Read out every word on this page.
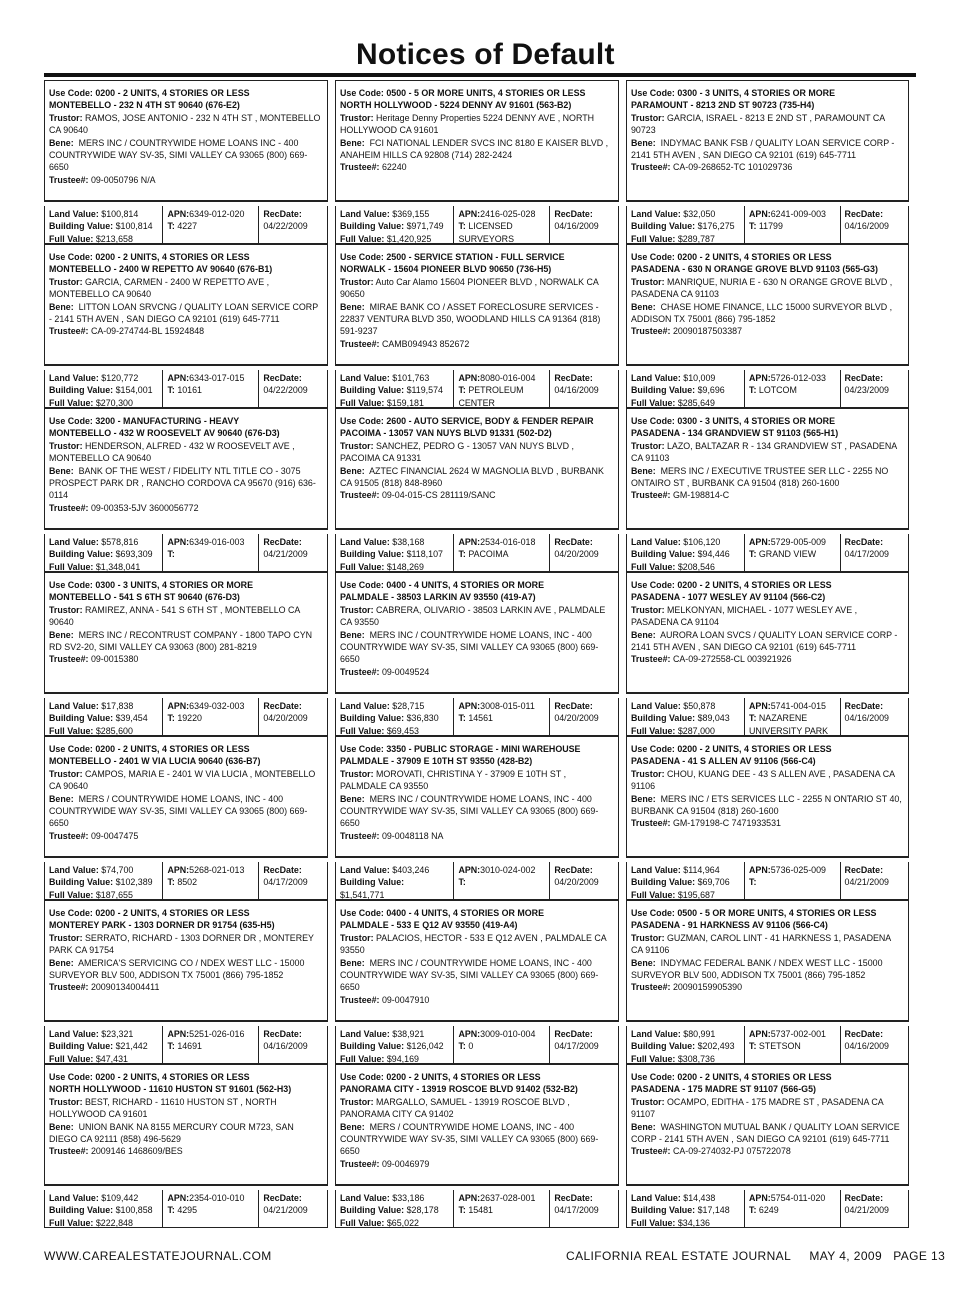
Notices of Default
Use Code: 0200 - 2 UNITS, 4 STORIES OR LESS
MONTEBELLO - 232 N 4TH ST 90640 (676-E2)
Trustor: RAMOS, JOSE ANTONIO - 232 N 4TH ST , MONTEBELLO CA 90640
Bene: MERS INC / COUNTRYWIDE HOME LOANS INC - 400 COUNTRYWIDE WAY SV-35, SIMI VALLEY CA 93065 (800) 669-6650
Trustee#: 09-0050796 N/A
Land Value: $100,814
Building Value: $100,814
Full Value: $213,658
APN:6349-012-020
T: 4227
RecDate:
04/22/2009
Use Code: 0500 - 5 OR MORE UNITS, 4 STORIES OR LESS
NORTH HOLLYWOOD - 5224 DENNY AV 91601 (563-B2)
Trustor: Heritage Denny Properties 5224 DENNY AVE , NORTH HOLLYWOOD CA 91601
Bene: FCI NATIONAL LENDER SVCS INC 8180 E KAISER BLVD , ANAHEIM HILLS CA 92808 (714) 282-2424
Trustee#: 62240
Land Value: $369,155
Building Value: $971,749
Full Value: $1,420,925
APN:2416-025-028
T: LICENSED SURVEYORS
RecDate:
04/16/2009
Use Code: 0300 - 3 UNITS, 4 STORIES OR MORE
PARAMOUNT - 8213 2ND ST 90723 (735-H4)
Trustor: GARCIA, ISRAEL - 8213 E 2ND ST , PARAMOUNT CA 90723
Bene: INDYMAC BANK FSB / QUALITY LOAN SERVICE CORP - 2141 5TH AVEN , SAN DIEGO CA 92101 (619) 645-7711
Trustee#: CA-09-268652-TC 101029736
Land Value: $32,050
Building Value: $176,275
Full Value: $289,787
APN:6241-009-003
T: 11799
RecDate:
04/16/2009
Use Code: 0200 - 2 UNITS, 4 STORIES OR LESS
MONTEBELLO - 2400 W REPETTO AV 90640 (676-B1)
Trustor: GARCIA, CARMEN - 2400 W REPETTO AVE , MONTEBELLO CA 90640
Bene: LITTON LOAN SRVCNG / QUALITY LOAN SERVICE CORP - 2141 5TH AVEN , SAN DIEGO CA 92101 (619) 645-7711
Trustee#: CA-09-274744-BL 15924848
Land Value: $120,772
Building Value: $154,001
Full Value: $270,300
APN:6343-017-015
T: 10161
RecDate:
04/22/2009
Use Code: 2500 - SERVICE STATION - FULL SERVICE
NORWALK - 15604 PIONEER BLVD 90650 (736-H5)
Trustor: Auto Car Alamo 15604 PIONEER BLVD , NORWALK CA 90650
Bene: MIRAE BANK CO / ASSET FORECLOSURE SERVICES - 22837 VENTURA BLVD 350, WOODLAND HILLS CA 91364 (818) 591-9237
Trustee#: CAMB094943 852672
Land Value: $101,763
Building Value: $119,574
Full Value: $159,181
APN:8080-016-004
T: PETROLEUM CENTER
RecDate:
04/16/2009
Use Code: 0200 - 2 UNITS, 4 STORIES OR LESS
PASADENA - 630 N ORANGE GROVE BLVD 91103 (565-G3)
Trustor: MANRIQUE, NURIA E - 630 N ORANGE GROVE BLVD , PASADENA CA 91103
Bene: CHASE HOME FINANCE, LLC 15000 SURVEYOR BLVD , ADDISON TX 75001 (866) 795-1852
Trustee#: 20090187503387
Land Value: $10,009
Building Value: $9,696
Full Value: $285,649
APN:5726-012-033
T: LOTCOM
RecDate:
04/23/2009
Use Code: 3200 - MANUFACTURING - HEAVY
MONTEBELLO - 432 W ROOSEVELT AV 90640 (676-D3)
Trustor: HENDERSON, ALFRED - 432 W ROOSEVELT AVE , MONTEBELLO CA 90640
Bene: BANK OF THE WEST / FIDELITY NTL TITLE CO - 3075 PROSPECT PARK DR , RANCHO CORDOVA CA 95670 (916) 636-0114
Trustee#: 09-00353-5JV 3600056772
Land Value: $578,816
Building Value: $693,309
Full Value: $1,348,041
APN:6349-016-003
T:
RecDate:
04/21/2009
Use Code: 2600 - AUTO SERVICE, BODY & FENDER REPAIR
PACOIMA - 13057 VAN NUYS BLVD 91331 (502-D2)
Trustor: SANCHEZ, PEDRO G - 13057 VAN NUYS BLVD , PACOIMA CA 91331
Bene: AZTEC FINANCIAL 2624 W MAGNOLIA BLVD , BURBANK CA 91505 (818) 848-8960
Trustee#: 09-04-015-CS 281119/SANC
Land Value: $38,168
Building Value: $118,107
Full Value: $148,269
APN:2534-016-018
T: PACOIMA
RecDate:
04/20/2009
Use Code: 0300 - 3 UNITS, 4 STORIES OR MORE
PASADENA - 134 GRANDVIEW ST 91103 (565-H1)
Trustor: LAZO, BALTAZAR R - 134 GRANDVIEW ST , PASADENA CA 91103
Bene: MERS INC / EXECUTIVE TRUSTEE SER LLC - 2255 NO ONTAIRO ST , BURBANK CA 91504 (818) 260-1600
Trustee#: GM-198814-C
Land Value: $106,120
Building Value: $94,446
Full Value: $208,546
APN:5729-005-009
T: GRAND VIEW
RecDate:
04/17/2009
Use Code: 0300 - 3 UNITS, 4 STORIES OR MORE
MONTEBELLO - 541 S 6TH ST 90640 (676-D3)
Trustor: RAMIREZ, ANNA - 541 S 6TH ST , MONTEBELLO CA 90640
Bene: MERS INC / RECONTRUST COMPANY - 1800 TAPO CYN RD SV2-20, SIMI VALLEY CA 93063 (800) 281-8219
Trustee#: 09-0015380
Land Value: $17,838
Building Value: $39,454
Full Value: $285,600
APN:6349-032-003
T: 19220
RecDate:
04/20/2009
Use Code: 0400 - 4 UNITS, 4 STORIES OR MORE
PALMDALE - 38503 LARKIN AV 93550 (419-A7)
Trustor: CABRERA, OLIVARIO - 38503 LARKIN AVE , PALMDALE CA 93550
Bene: MERS INC / COUNTRYWIDE HOME LOANS, INC - 400 COUNTRYWIDE WAY SV-35, SIMI VALLEY CA 93065 (800) 669-6650
Trustee#: 09-0049524
Land Value: $28,715
Building Value: $36,830
Full Value: $69,453
APN:3008-015-011
T: 14561
RecDate:
04/20/2009
Use Code: 0200 - 2 UNITS, 4 STORIES OR LESS
PASADENA - 1077 WESLEY AV 91104 (566-C2)
Trustor: MELKONYAN, MICHAEL - 1077 WESLEY AVE , PASADENA CA 91104
Bene: AURORA LOAN SVCS / QUALITY LOAN SERVICE CORP - 2141 5TH AVEN , SAN DIEGO CA 92101 (619) 645-7711
Trustee#: CA-09-272558-CL 003921926
Land Value: $50,878
Building Value: $89,043
Full Value: $287,000
APN:5741-004-015
T: NAZARENE UNIVERSITY PARK
RecDate:
04/16/2009
Use Code: 0200 - 2 UNITS, 4 STORIES OR LESS
MONTEBELLO - 2401 W VIA LUCIA 90640 (636-B7)
Trustor: CAMPOS, MARIA E - 2401 W VIA LUCIA , MONTEBELLO CA 90640
Bene: MERS / COUNTRYWIDE HOME LOANS, INC - 400 COUNTRYWIDE WAY SV-35, SIMI VALLEY CA 93065 (800) 669-6650
Trustee#: 09-0047475
Land Value: $74,700
Building Value: $102,389
Full Value: $187,655
APN:5268-021-013
T: 8502
RecDate:
04/17/2009
Use Code: 3350 - PUBLIC STORAGE - MINI WAREHOUSE
PALMDALE - 37909 E 10TH ST 93550 (428-B2)
Trustor: MOROVATI, CHRISTINA Y - 37909 E 10TH ST , PALMDALE CA 93550
Bene: MERS INC / COUNTRYWIDE HOME LOANS, INC - 400 COUNTRYWIDE WAY SV-35, SIMI VALLEY CA 93065 (800) 669-6650
Trustee#: 09-0048118 NA
Land Value: $403,246
Building Value: $1,541,771
APN:3010-024-002
T:
RecDate:
04/20/2009
Use Code: 0200 - 2 UNITS, 4 STORIES OR LESS
PASADENA - 41 S ALLEN AV 91106 (566-C4)
Trustor: CHOU, KUANG DEE - 43 S ALLEN AVE , PASADENA CA 91106
Bene: MERS INC / ETS SERVICES LLC - 2255 N ONTARIO ST 40, BURBANK CA 91504 (818) 260-1600
Trustee#: GM-179198-C 7471933531
Land Value: $114,964
Building Value: $69,706
Full Value: $195,687
APN:5736-025-009
T:
RecDate:
04/21/2009
Use Code: 0200 - 2 UNITS, 4 STORIES OR LESS
MONTEREY PARK - 1303 DORNER DR 91754 (635-H5)
Trustor: SERRATO, RICHARD - 1303 DORNER DR , MONTEREY PARK CA 91754
Bene: AMERICA'S SERVICING CO / NDEX WEST LLC - 15000 SURVEYOR BLV 500, ADDISON TX 75001 (866) 795-1852
Trustee#: 20090134004411
Land Value: $23,321
Building Value: $21,442
Full Value: $47,431
APN:5251-026-016
T: 14691
RecDate:
04/16/2009
Use Code: 0400 - 4 UNITS, 4 STORIES OR MORE
PALMDALE - 533 E Q12 AV 93550 (419-A4)
Trustor: PALACIOS, HECTOR - 533 E Q12 AVEN , PALMDALE CA 93550
Bene: MERS INC / COUNTRYWIDE HOME LOANS, INC - 400 COUNTRYWIDE WAY SV-35, SIMI VALLEY CA 93065 (800) 669-6650
Trustee#: 09-0047910
Land Value: $38,921
Building Value: $126,042
Full Value: $94,169
APN:3009-010-004
T: 0
RecDate:
04/17/2009
Use Code: 0500 - 5 OR MORE UNITS, 4 STORIES OR LESS
PASADENA - 91 HARKNESS AV 91106 (566-C4)
Trustor: GUZMAN, CAROL LINT - 41 HARKNESS 1, PASADENA CA 91106
Bene: INDYMAC FEDERAL BANK / NDEX WEST LLC - 15000 SURVEYOR BLV 500, ADDISON TX 75001 (866) 795-1852
Trustee#: 20090159905390
Land Value: $80,991
Building Value: $202,493
Full Value: $308,736
APN:5737-002-001
T: STETSON
RecDate:
04/16/2009
Use Code: 0200 - 2 UNITS, 4 STORIES OR LESS
NORTH HOLLYWOOD - 11610 HUSTON ST 91601 (562-H3)
Trustor: BEST, RICHARD - 11610 HUSTON ST , NORTH HOLLYWOOD CA 91601
Bene: UNION BANK NA 8155 MERCURY COUR M723, SAN DIEGO CA 92111 (858) 496-5629
Trustee#: 2009146 1468609/BES
Land Value: $109,442
Building Value: $100,858
Full Value: $222,848
APN:2354-010-010
T: 4295
RecDate:
04/21/2009
Use Code: 0200 - 2 UNITS, 4 STORIES OR LESS
PANORAMA CITY - 13919 ROSCOE BLVD 91402 (532-B2)
Trustor: MARGALLO, SAMUEL - 13919 ROSCOE BLVD , PANORAMA CITY CA 91402
Bene: MERS / COUNTRYWIDE HOME LOANS, INC - 400 COUNTRYWIDE WAY SV-35, SIMI VALLEY CA 93065 (800) 669-6650
Trustee#: 09-0046979
Land Value: $33,186
Building Value: $28,178
Full Value: $65,022
APN:2637-028-001
T: 15481
RecDate:
04/17/2009
Use Code: 0200 - 2 UNITS, 4 STORIES OR LESS
PASADENA - 175 MADRE ST 91107 (566-G5)
Trustor: OCAMPO, EDITHA - 175 MADRE ST , PASADENA CA 91107
Bene: WASHINGTON MUTUAL BANK / QUALITY LOAN SERVICE CORP - 2141 5TH AVEN , SAN DIEGO CA 92101 (619) 645-7711
Trustee#: CA-09-274032-PJ 075722078
Land Value: $14,438
Building Value: $17,148
Full Value: $34,136
APN:5754-011-020
T: 6249
RecDate:
04/21/2009
WWW.CAREALESTATEJOURNAL.COM	CALIFORNIA REAL ESTATE JOURNAL     MAY 4, 2009   PAGE 13
